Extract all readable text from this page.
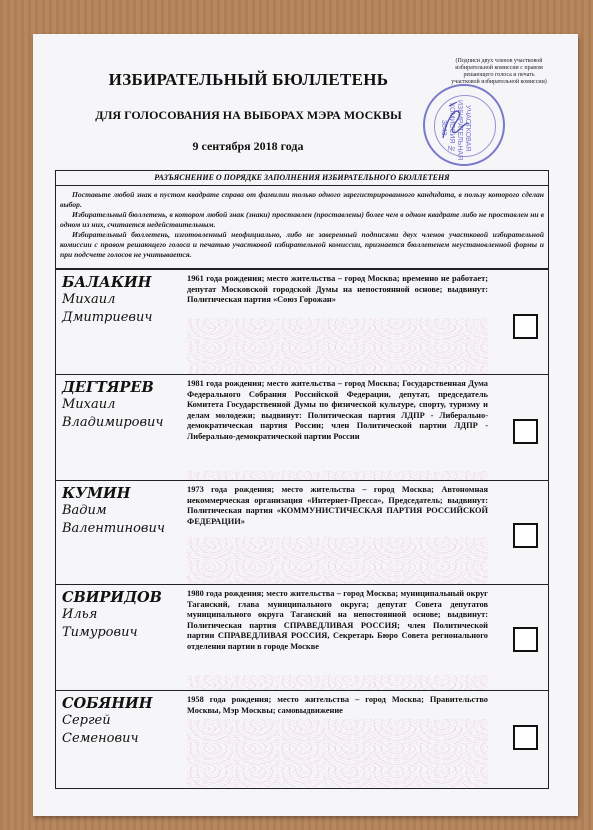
ИЗБИРАТЕЛЬНЫЙ БЮЛЛЕТЕНЬ
ДЛЯ ГОЛОСОВАНИЯ НА ВЫБОРАХ МЭРА МОСКВЫ
9 сентября 2018 года
(Подписи двух членов участковой избирательной комиссии с правом решающего голоса и печать участковой избирательной комиссии)
УЧАСТКОВАЯ ИЗБИРАТЕЛЬНАЯ КОМИССИЯ № 3643
РАЗЪЯСНЕНИЕ О ПОРЯДКЕ ЗАПОЛНЕНИЯ ИЗБИРАТЕЛЬНОГО БЮЛЛЕТЕНЯ

Поставьте любой знак в пустом квадрате справа от фамилии только одного зарегистрированного кандидата, в пользу которого сделан выбор.

Избирательный бюллетень, в котором любой знак (знаки) проставлен (проставлены) более чем в одном квадрате либо не проставлен ни в одном из них, считается недействительным.

Избирательный бюллетень, изготовленный неофициально, либо не заверенный подписями двух членов участковой избирательной комиссии с правом решающего голоса и печатью участковой избирательной комиссии, признается бюллетенем неустановленной формы и при подсчете голосов не учитывается.

БАЛАКИН
Михаил
Дмитриевич
1961 года рождения; место жительства – город Москва; временно не работает; депутат Московской городской Думы на непостоянной основе; выдвинут: Политическая партия «Союз Горожан»
ДЕГТЯРЕВ
Михаил
Владимирович
1981 года рождения; место жительства – город Москва; Государственная Дума Федерального Собрания Российской Федерации, депутат, председатель Комитета Государственной Думы по физической культуре, спорту, туризму и делам молодежи; выдвинут: Политическая партия ЛДПР - Либерально-демократическая партия России; член Политической партии ЛДПР - Либерально-демократической партии России
КУМИН
Вадим
Валентинович
1973 года рождения; место жительства – город Москва; Автономная некоммерческая организация «Интернет-Прессa», Председатель; выдвинут: Политическая партия «КОММУНИСТИЧЕСКАЯ ПАРТИЯ РОССИЙСКОЙ ФЕДЕРАЦИИ»
СВИРИДОВ
Илья
Тимурович
1980 года рождения; место жительства – город Москва; муниципальный округ Таганский, глава муниципального округа; депутат Совета депутатов муниципального округа Таганский на непостоянной основе; выдвинут: Политическая партия СПРАВЕДЛИВАЯ РОССИЯ; член Политической партии СПРАВЕДЛИВАЯ РОССИЯ, Секретарь Бюро Совета регионального отделения партии в городе Москве
СОБЯНИН
Сергей
Семенович
1958 года рождения; место жительства – город Москва; Правительство Москвы, Мэр Москвы; самовыдвижение
